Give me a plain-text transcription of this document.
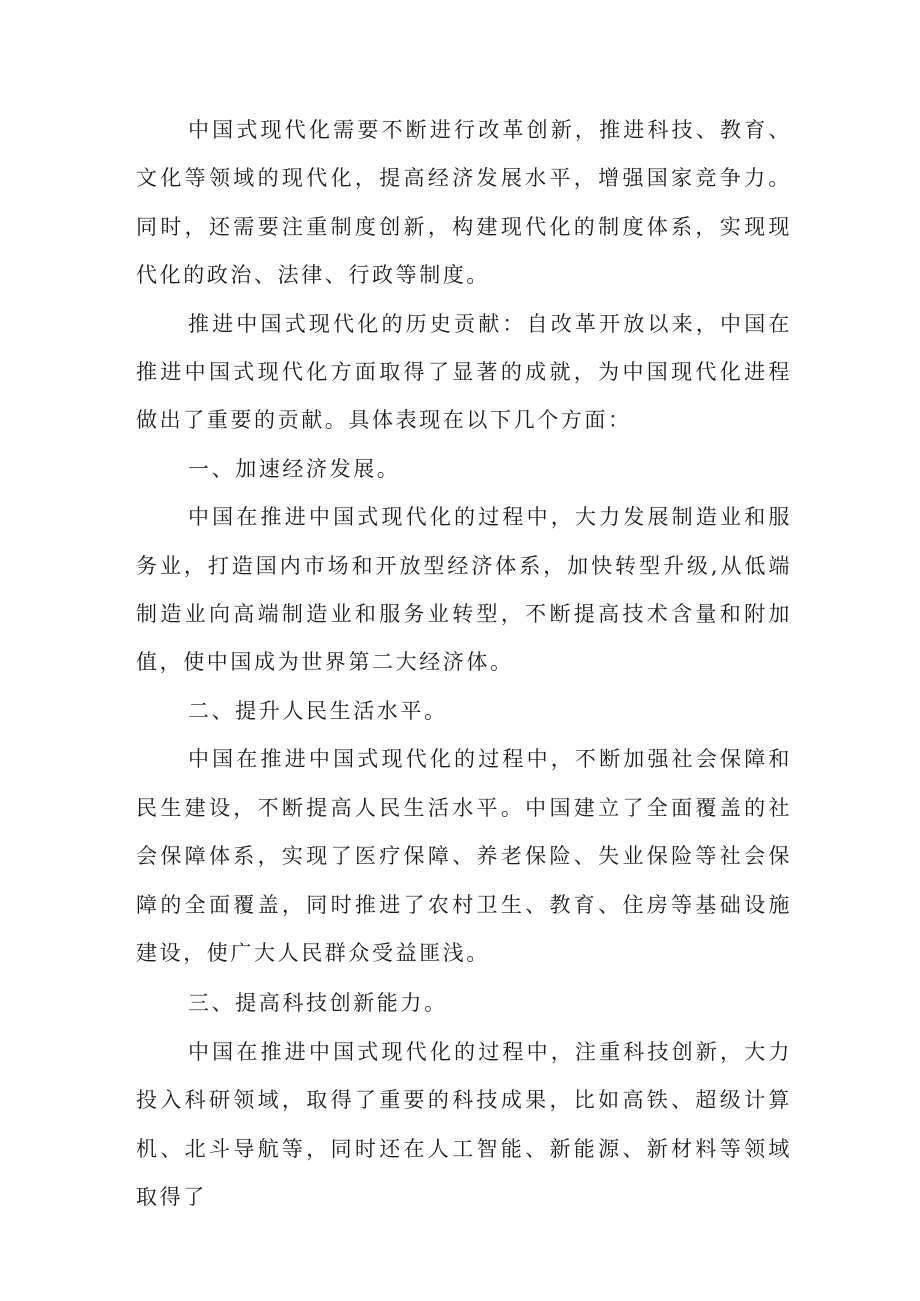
中国式现代化需要不断进行改革创新，推进科技、教育、文化等领域的现代化，提高经济发展水平，增强国家竞争力。同时，还需要注重制度创新，构建现代化的制度体系，实现现代化的政治、法律、行政等制度。

推进中国式现代化的历史贡献：自改革开放以来，中国在推进中国式现代化方面取得了显著的成就，为中国现代化进程做出了重要的贡献。具体表现在以下几个方面：

一、加速经济发展。

中国在推进中国式现代化的过程中，大力发展制造业和服务业，打造国内市场和开放型经济体系，加快转型升级,从低端制造业向高端制造业和服务业转型，不断提高技术含量和附加值，使中国成为世界第二大经济体。

二、提升人民生活水平。

中国在推进中国式现代化的过程中，不断加强社会保障和民生建设，不断提高人民生活水平。中国建立了全面覆盖的社会保障体系，实现了医疗保障、养老保险、失业保险等社会保障的全面覆盖，同时推进了农村卫生、教育、住房等基础设施建设，使广大人民群众受益匪浅。

三、提高科技创新能力。

中国在推进中国式现代化的过程中，注重科技创新，大力投入科研领域，取得了重要的科技成果，比如高铁、超级计算机、北斗导航等，同时还在人工智能、新能源、新材料等领域取得了
